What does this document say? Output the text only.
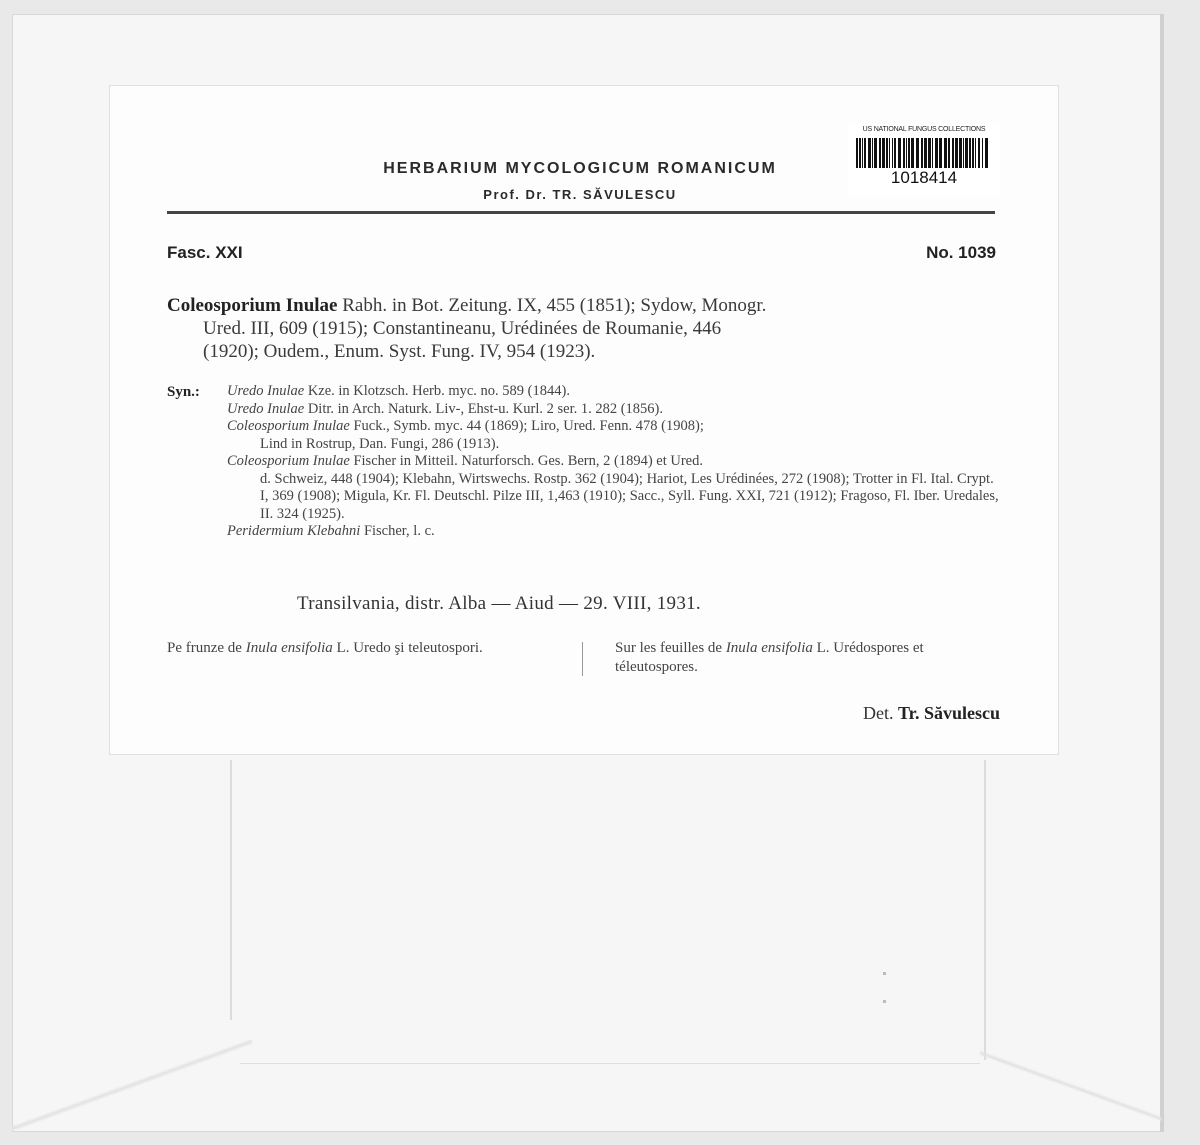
US NATIONAL FUNGUS COLLECTIONS
1018414
HERBARIUM MYCOLOGICUM ROMANICUM
Prof. Dr. TR. SĂVULESCU
Fasc. XXI	No. 1039
Coleosporium Inulae Rabh. in Bot. Zeitung. IX, 455 (1851); Sydow, Monogr.
Ured. III, 609 (1915); Constantineanu, Urédinées de Roumanie, 446
(1920); Oudem., Enum. Syst. Fung. IV, 954 (1923).
Syn.: Uredo Inulae Kze. in Klotzsch. Herb. myc. no. 589 (1844).
Uredo Inulae Ditr. in Arch. Naturk. Liv-, Ehst-u. Kurl. 2 ser. 1. 282 (1856).
Coleosporium Inulae Fuck., Symb. myc. 44 (1869); Liro, Ured. Fenn. 478 (1908);
Lind in Rostrup, Dan. Fungi, 286 (1913).
Coleosporium Inulae Fischer in Mitteil. Naturforsch. Ges. Bern, 2 (1894) et Ured.
d. Schweiz, 448 (1904); Klebahn, Wirtswechs. Rostp. 362 (1904); Hariot, Les Urédinées, 272 (1908); Trotter in Fl. Ital. Crypt. I, 369 (1908); Migula, Kr. Fl. Deutschl. Pilze III, 1,463 (1910); Sacc., Syll. Fung. XXI, 721 (1912); Fragoso, Fl. Iber. Uredales, II. 324 (1925).
Peridermium Klebahni Fischer, l. c.
Transilvania, distr. Alba — Aiud — 29. VIII, 1931.
Pe frunze de Inula ensifolia L. Uredo şi teleutospori.	Sur les feuilles de Inula ensifolia L. Urédospores et téleutospores.
Det. Tr. Săvulescu
